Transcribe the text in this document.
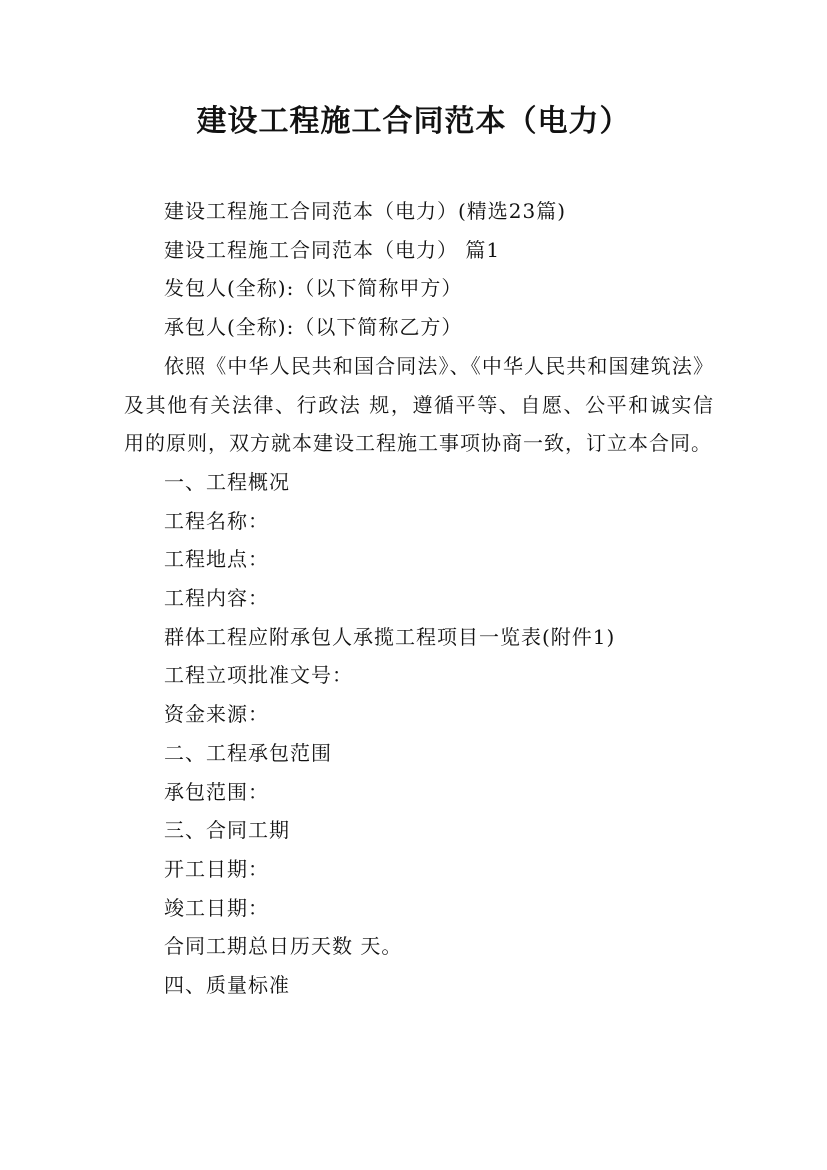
建设工程施工合同范本（电力）

建设工程施工合同范本（电力）(精选23篇)

建设工程施工合同范本（电力） 篇1

发包人(全称):（以下简称甲方）

承包人(全称):（以下简称乙方）

依照《中华人民共和国合同法》、《中华人民共和国建筑法》及其他有关法律、行政法 规，遵循平等、自愿、公平和诚实信用的原则，双方就本建设工程施工事项协商一致，订立本合同。

一、工程概况

工程名称：

工程地点：

工程内容：

群体工程应附承包人承揽工程项目一览表(附件1)

工程立项批准文号：

资金来源：

二、工程承包范围

承包范围：

三、合同工期

开工日期：

竣工日期：

合同工期总日历天数 天。

四、质量标准
